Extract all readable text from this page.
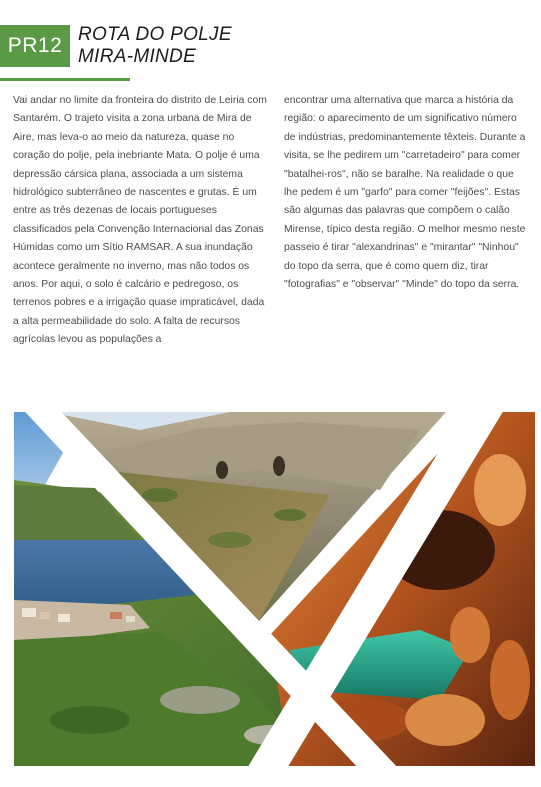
PR12 ROTA DO POLJE
MIRA-MINDE
Vai andar no limite da fronteira do distrito de Leiria com Santarém. O trajeto visita a zona urbana de Mira de Aire, mas leva-o ao meio da natureza, quase no coração do polje, pela inebriante Mata. O polje é uma depressão cársica plana, associada a um sistema hidrológico subterrâneo de nascentes e grutas. É um entre as três dezenas de locais portugueses classificados pela Convenção Internacional das Zonas Húmidas como um Sítio RAMSAR. A sua inundação acontece geralmente no inverno, mas não todos os anos. Por aqui, o solo é calcário e pedregoso, os terrenos pobres e a irrigação quase impraticável, dada a alta permeabilidade do solo. A falta de recursos agrícolas levou as populações a
encontrar uma alternativa que marca a história da região: o aparecimento de um significativo número de indústrias, predominantemente têxteis. Durante a visita, se lhe pedirem um "carretadeiro" para comer "batalhei-ros", não se baralhe. Na realidade o que lhe pedem é um "garfo" para comer "feijões". Estas são algumas das palavras que compõem o calão Mirense, típico desta região. O melhor mesmo neste passeio é tirar "alexandrinas" e "mirantar" "Ninhou" do topo da serra, que é como quem diz, tirar "fotografias" e "observar" "Minde" do topo da serra.
